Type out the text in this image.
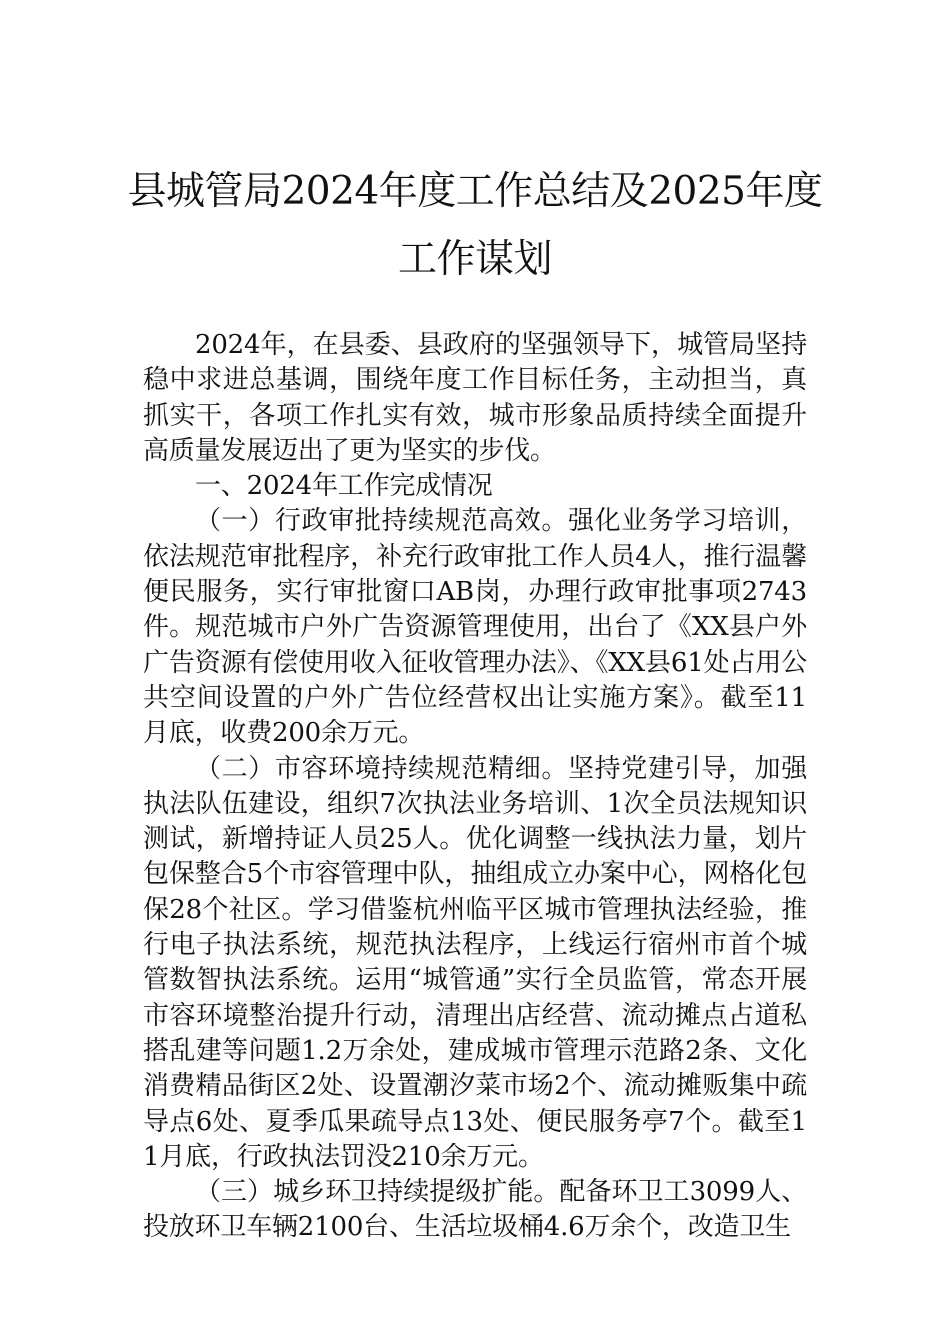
县城管局2024年度工作总结及2025年度工作谋划

2024年，在县委、县政府的坚强领导下，城管局坚持稳中求进总基调，围绕年度工作目标任务，主动担当，真抓实干，各项工作扎实有效，城市形象品质持续全面提升高质量发展迈出了更为坚实的步伐。

一、2024年工作完成情况

（一）行政审批持续规范高效。强化业务学习培训，依法规范审批程序，补充行政审批工作人员4人，推行温馨便民服务，实行审批窗口AB岗，办理行政审批事项2743件。规范城市户外广告资源管理使用，出台了《XX县户外广告资源有偿使用收入征收管理办法》、《XX县61处占用公共空间设置的户外广告位经营权出让实施方案》。截至11月底，收费200余万元。

（二）市容环境持续规范精细。坚持党建引导，加强执法队伍建设，组织7次执法业务培训、1次全员法规知识测试，新增持证人员25人。优化调整一线执法力量，划片包保整合5个市容管理中队，抽组成立办案中心，网格化包保28个社区。学习借鉴杭州临平区城市管理执法经验，推行电子执法系统，规范执法程序，上线运行宿州市首个城管数智执法系统。运用“城管通”实行全员监管，常态开展市容环境整治提升行动，清理出店经营、流动摊点占道私搭乱建等问题1.2万余处，建成城市管理示范路2条、文化消费精品街区2处、设置潮汐菜市场2个、流动摊贩集中疏导点6处、夏季瓜果疏导点13处、便民服务亭7个。截至11月底，行政执法罚没210余万元。

（三）城乡环卫持续提级扩能。配备环卫工3099人、投放环卫车辆2100台、生活垃圾桶4.6万余个，改造卫生
